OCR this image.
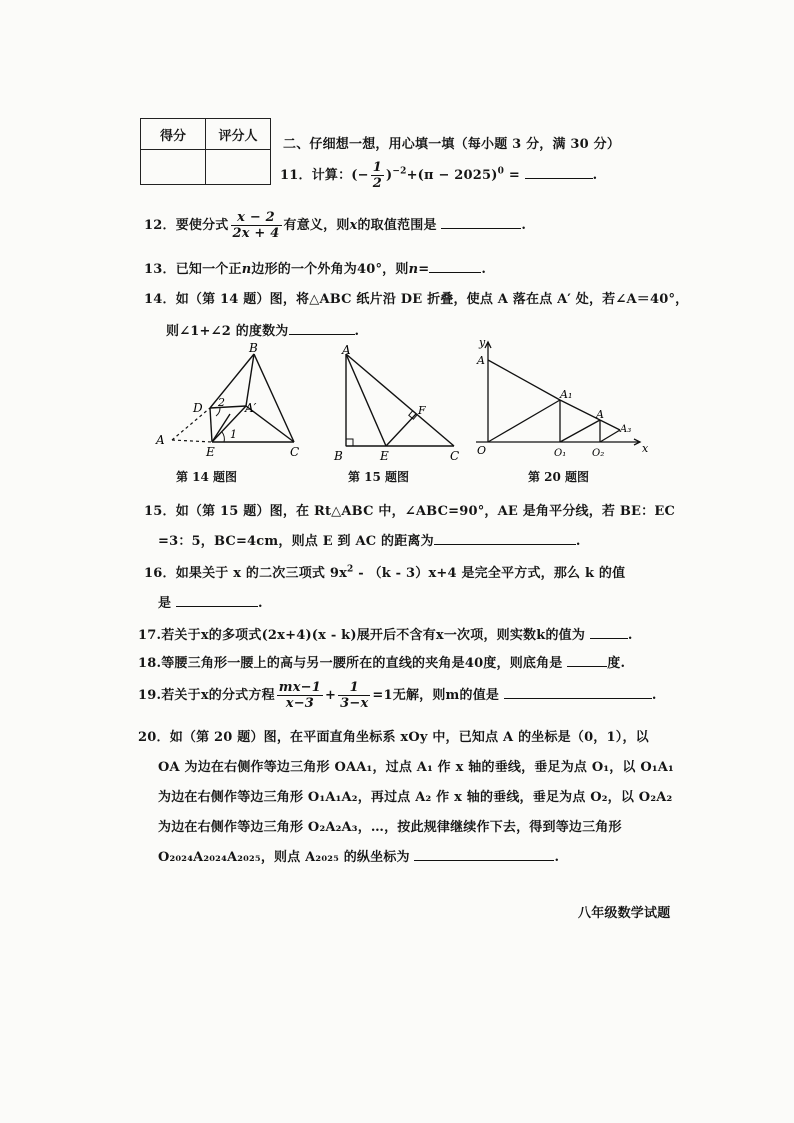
得分	评分人

二、仔细想一想，用心填一填（每小题 3 分，满 30 分）
11．计算：(− $\frac{1}{2} )^{-2}+(\pi - 2025)^0$ =	.
12．要使分式 $\frac{x - 2}{2x + 4}$ 有意义，则x的取值范围是	.
13．已知一个正n边形的一个外角为40°，则n=	.
14．如（第 14 题）图，将△ABC 纸片沿 DE 折叠，使点 A 落在点 A′ 处，若∠A＝40°，
则∠1+∠2 的度数为	.
B
D 2 A′
1
A
E	C
第 14 题图
A
F
B	E	C
第 15 题图
y
A
A₁
A
A₃
O	O₁	O₂	x
第 20 题图
15．如（第 15 题）图，在 Rt△ABC 中，∠ABC=90°，AE 是角平分线，若 BE：EC
=3：5，BC=4cm，则点 E 到 AC 的距离为	.
16．如果关于 x 的二次三项式 $9x^2 - (k - 3)x+4$ 是完全平方式，那么 k 的值
是	.
17.若关于x的多项式(2x+4)(x - k)展开后不含有x一次项，则实数k的值为	.
18.等腰三角形一腰上的高与另一腰所在的直线的夹角是40度，则底角是	度.
19.若关于x的分式方程 $\frac{mx-1}{x-3} + \frac{1}{3-x} =1$无解，则m的值是	.
20．如（第 20 题）图，在平面直角坐标系 xOy 中，已知点 A 的坐标是（0，1），以
OA 为边在右侧作等边三角形 OAA₁，过点 A₁ 作 x 轴的垂线，垂足为点 O₁，以 O₁A₁
为边在右侧作等边三角形 O₁A₁A₂，再过点 A₂ 作 x 轴的垂线，垂足为点 O₂，以 O₂A₂
为边在右侧作等边三角形 O₂A₂A₃，…，按此规律继续作下去，得到等边三角形
O₂₀₂₄A₂₀₂₄A₂₀₂₅，则点 A₂₀₂₅ 的纵坐标为	.
八年级数学试题
